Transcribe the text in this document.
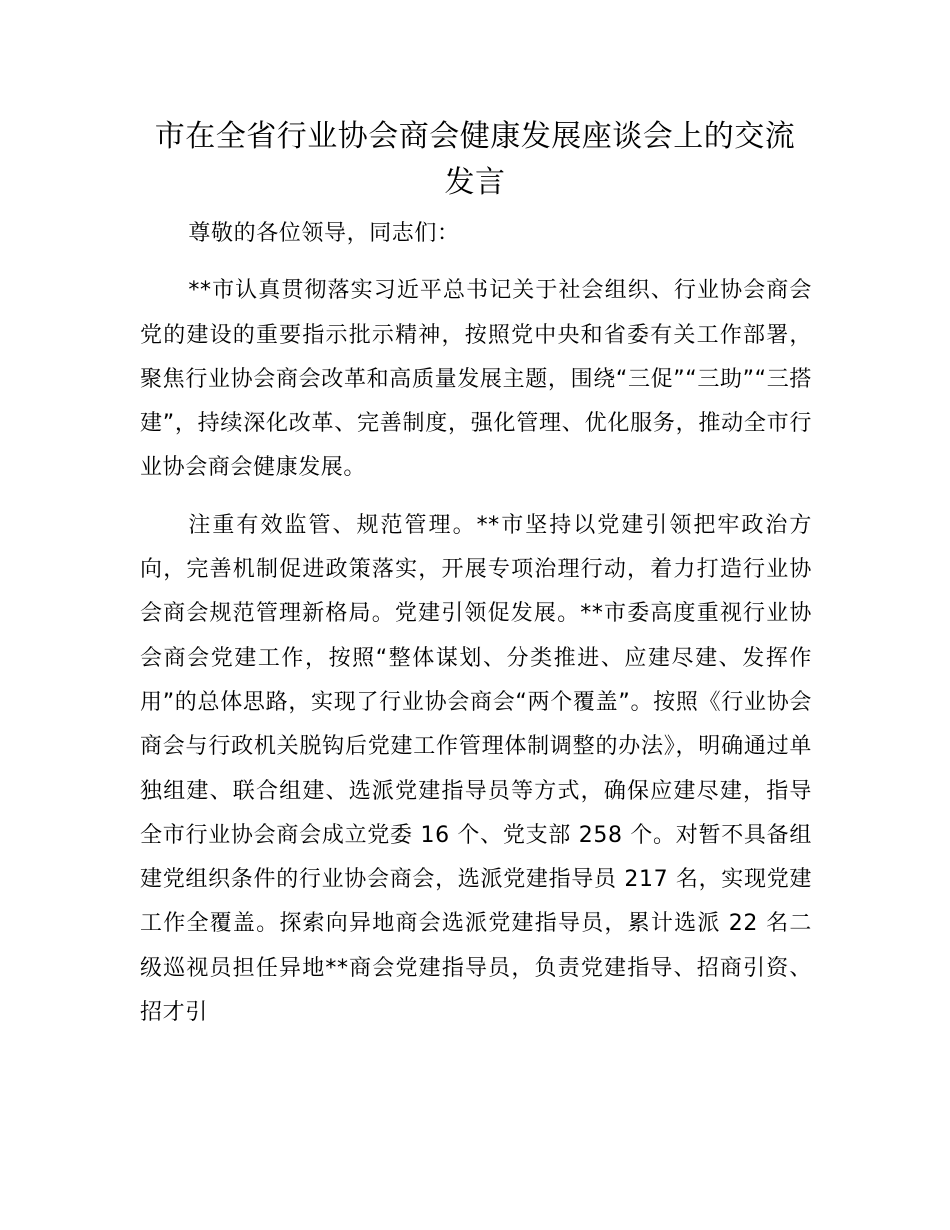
市在全省行业协会商会健康发展座谈会上的交流发言

尊敬的各位领导，同志们：

**市认真贯彻落实习近平总书记关于社会组织、行业协会商会党的建设的重要指示批示精神，按照党中央和省委有关工作部署，聚焦行业协会商会改革和高质量发展主题，围绕“三促”“三助”“三搭建”，持续深化改革、完善制度，强化管理、优化服务，推动全市行业协会商会健康发展。

注重有效监管、规范管理。**市坚持以党建引领把牢政治方向，完善机制促进政策落实，开展专项治理行动，着力打造行业协会商会规范管理新格局。党建引领促发展。**市委高度重视行业协会商会党建工作，按照“整体谋划、分类推进、应建尽建、发挥作用”的总体思路，实现了行业协会商会“两个覆盖”。按照《行业协会商会与行政机关脱钩后党建工作管理体制调整的办法》，明确通过单独组建、联合组建、选派党建指导员等方式，确保应建尽建，指导全市行业协会商会成立党委 16 个、党支部 258 个。对暂不具备组建党组织条件的行业协会商会，选派党建指导员 217 名，实现党建工作全覆盖。探索向异地商会选派党建指导员，累计选派 22 名二级巡视员担任异地**商会党建指导员，负责党建指导、招商引资、招才引
